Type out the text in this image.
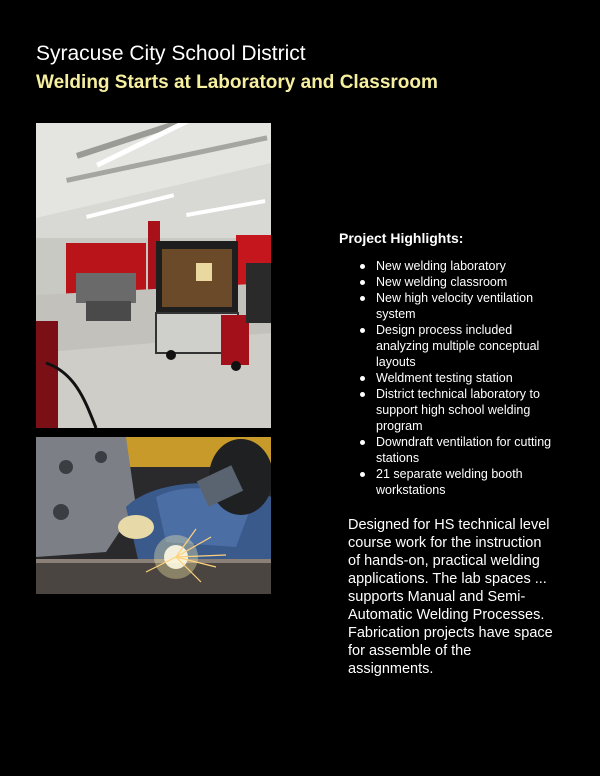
Syracuse City School District
Welding Starts at Laboratory and Classroom
Project Highlights:
New welding laboratory
New welding classroom
New high velocity ventilation system
Design process included analyzing multiple conceptual layouts
Weldment testing station
District technical laboratory to support high school welding program
Downdraft ventilation for cutting stations
21 separate welding booth workstations

Designed for HS technical level course work for the instruction of hands-on, practical welding applications. The lab spaces ... supports Manual and Semi-Automatic Welding Processes. Fabrication projects have space for assemble of the assignments.
